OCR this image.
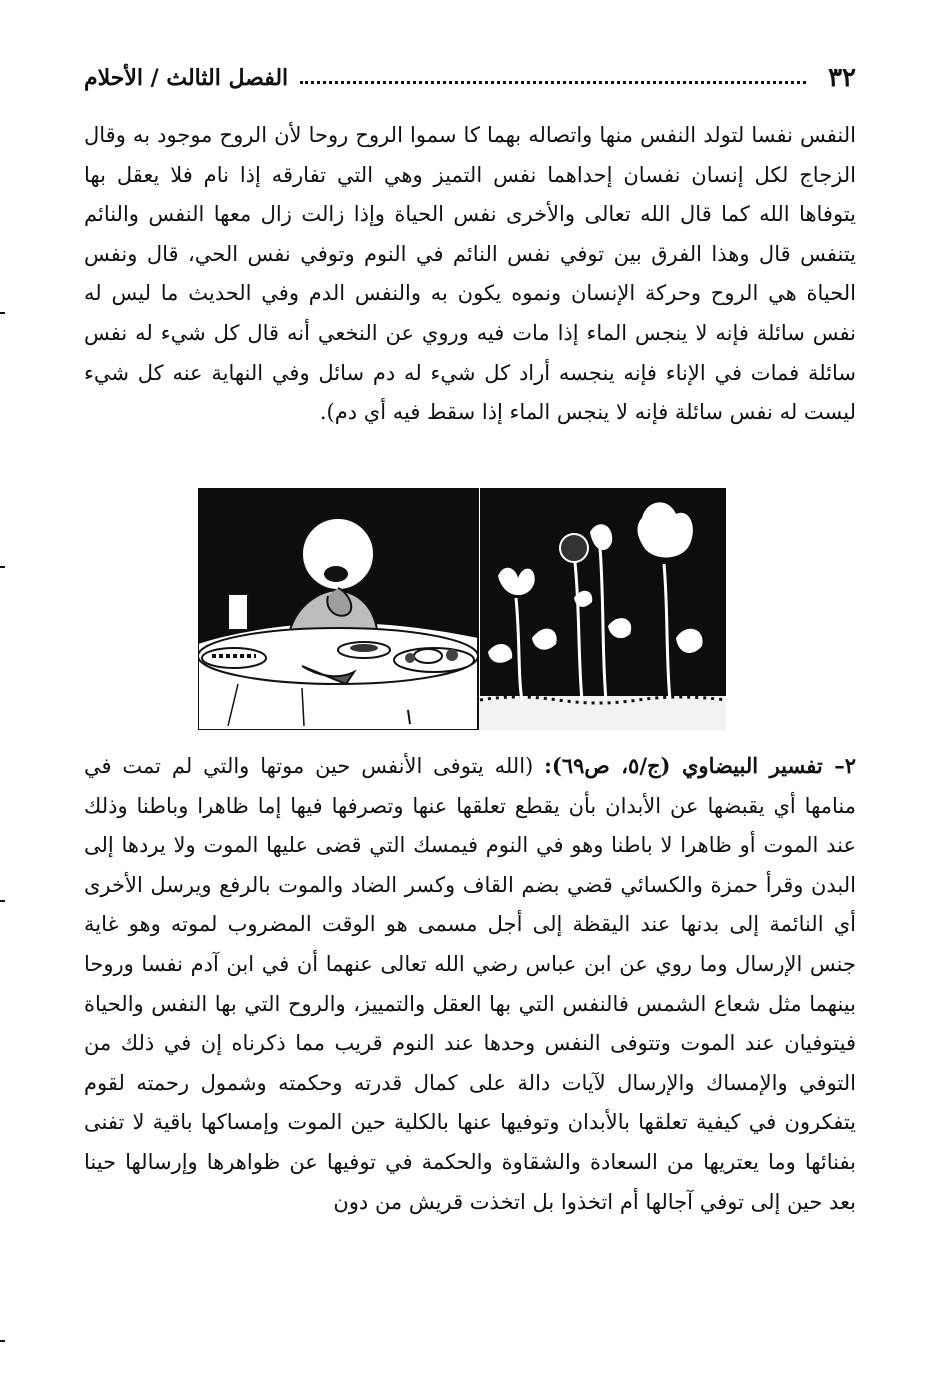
٣٢
الفصل الثالث / الأحلام

النفس نفسا لتولد النفس منها واتصاله بهما كا سموا الروح روحا لأن الروح موجود به وقال الزجاج لكل إنسان نفسان إحداهما نفس التميز وهي التي تفارقه إذا نام فلا يعقل بها يتوفاها الله كما قال الله تعالى والأخرى نفس الحياة وإذا زالت زال معها النفس والنائم يتنفس قال وهذا الفرق بين توفي نفس النائم في النوم وتوفي نفس الحي، قال ونفس الحياة هي الروح وحركة الإنسان ونموه يكون به والنفس الدم وفي الحديث ما ليس له نفس سائلة فإنه لا ينجس الماء إذا مات فيه وروي عن النخعي أنه قال كل شيء له نفس سائلة فمات في الإناء فإنه ينجسه أراد كل شيء له دم سائل وفي النهاية عنه كل شيء ليست له نفس سائلة فإنه لا ينجس الماء إذا سقط فيه أي دم).

٢– تفسير البيضاوي (ج/٥، ص٦٩): (الله يتوفى الأنفس حين موتها والتي لم تمت في منامها أي يقبضها عن الأبدان بأن يقطع تعلقها عنها وتصرفها فيها إما ظاهرا وباطنا وذلك عند الموت أو ظاهرا لا باطنا وهو في النوم فيمسك التي قضى عليها الموت ولا يردها إلى البدن وقرأ حمزة والكسائي قضي بضم القاف وكسر الضاد والموت بالرفع ويرسل الأخرى أي النائمة إلى بدنها عند اليقظة إلى أجل مسمى هو الوقت المضروب لموته وهو غاية جنس الإرسال وما روي عن ابن عباس رضي الله تعالى عنهما أن في ابن آدم نفسا وروحا بينهما مثل شعاع الشمس فالنفس التي بها العقل والتمييز، والروح التي بها النفس والحياة فيتوفيان عند الموت وتتوفى النفس وحدها عند النوم قريب مما ذكرناه إن في ذلك من التوفي والإمساك والإرسال لآيات دالة على كمال قدرته وحكمته وشمول رحمته لقوم يتفكرون في كيفية تعلقها بالأبدان وتوفيها عنها بالكلية حين الموت وإمساكها باقية لا تفنى بفنائها وما يعتريها من السعادة والشقاوة والحكمة في توفيها عن ظواهرها وإرسالها حينا بعد حين إلى توفي آجالها أم اتخذوا بل اتخذت قريش من دون
